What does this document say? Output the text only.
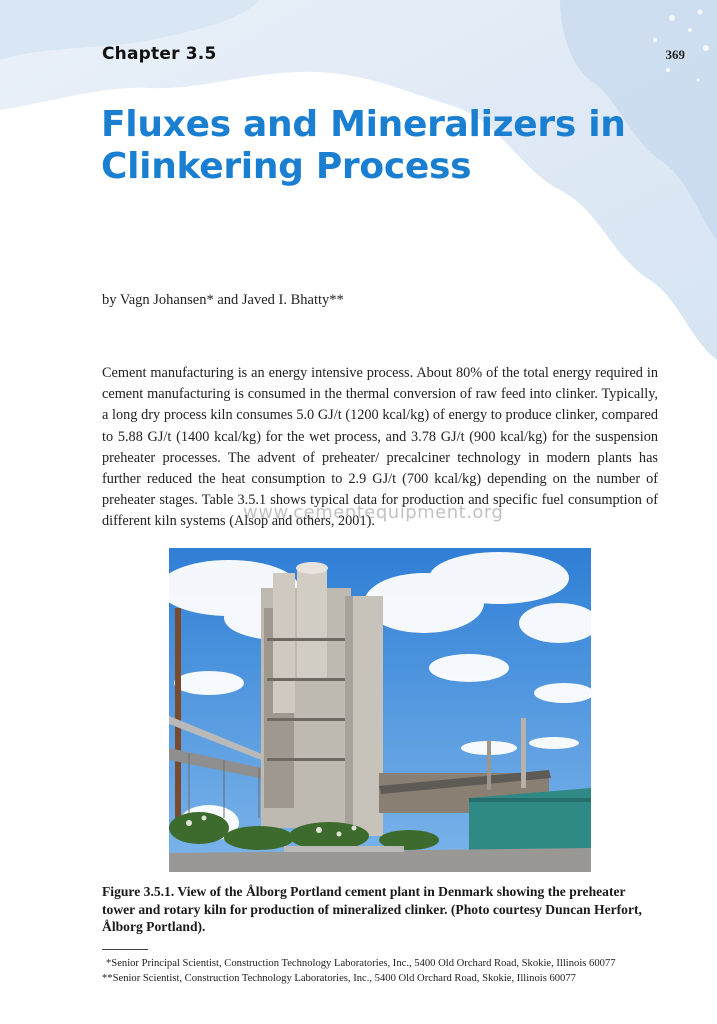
Chapter 3.5	369
Fluxes and Mineralizers in
Clinkering Process
by Vagn Johansen* and Javed I. Bhatty**

Cement manufacturing is an energy intensive process. About 80% of the total energy required in cement manufacturing is consumed in the thermal conversion of raw feed into clinker. Typically, a long dry process kiln consumes 5.0 GJ/t (1200 kcal/kg) of energy to produce clinker, compared to 5.88 GJ/t (1400 kcal/kg) for the wet process, and 3.78 GJ/t (900 kcal/kg) for the suspension preheater processes. The advent of preheater/ precalciner technology in modern plants has further reduced the heat consumption to 2.9 GJ/t (700 kcal/kg) depending on the number of preheater stages. Table 3.5.1 shows typical data for production and specific fuel consumption of different kiln systems (Alsop and others, 2001).

www.cementequipment.org

Figure 3.5.1. View of the Ålborg Portland cement plant in Denmark showing the preheater tower and rotary kiln for production of mineralized clinker. (Photo courtesy Duncan Herfort, Ålborg Portland).

*Senior Principal Scientist, Construction Technology Laboratories, Inc., 5400 Old Orchard Road, Skokie, Illinois 60077
**Senior Scientist, Construction Technology Laboratories, Inc., 5400 Old Orchard Road, Skokie, Illinois 60077
